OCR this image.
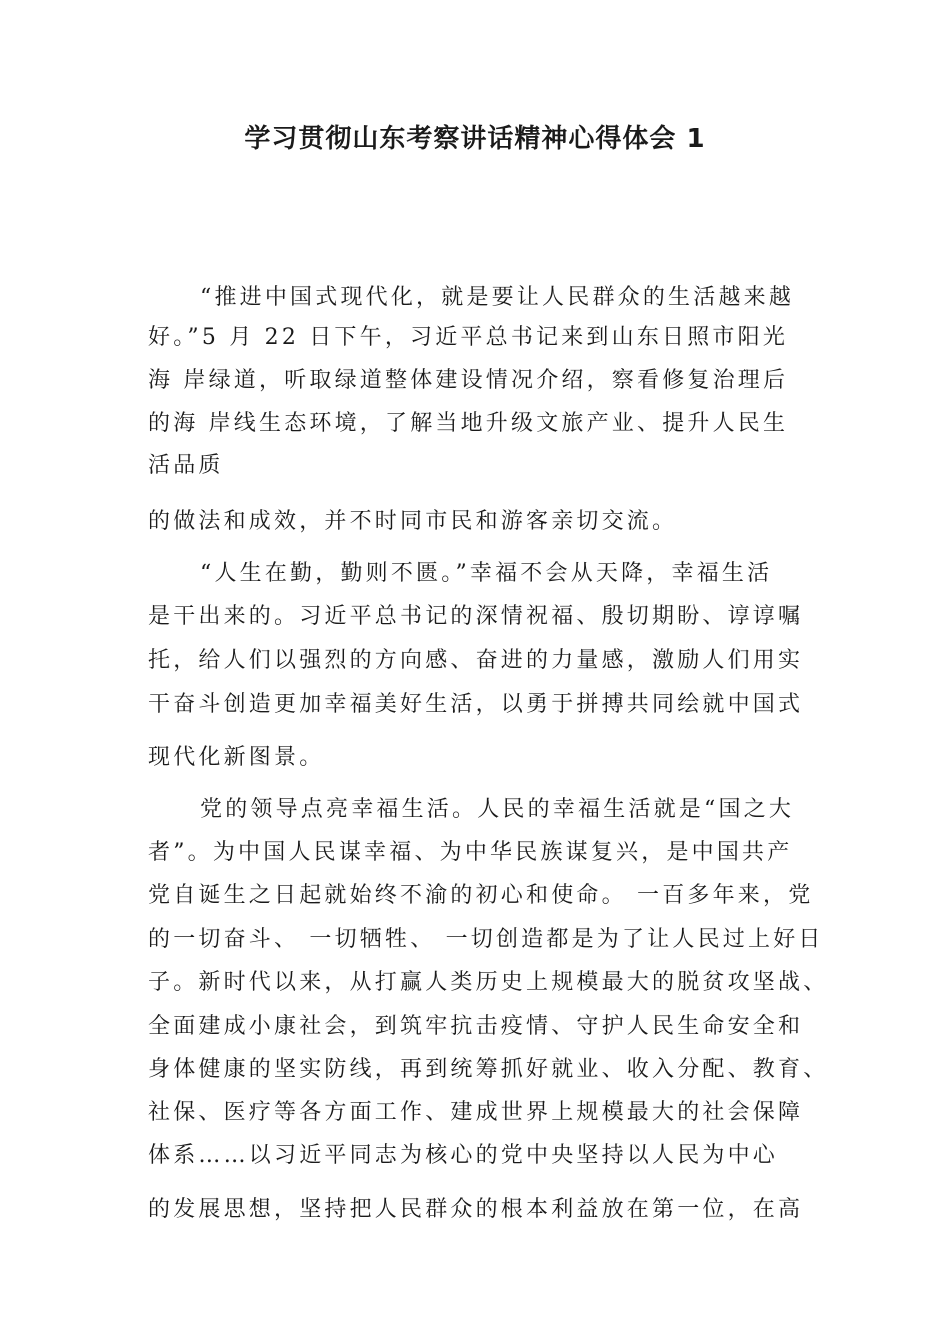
学习贯彻山东考察讲话精神心得体会 1

“推进中国式现代化，就是要让人民群众的生活越来越

好。”5 月 22 日下午，习近平总书记来到山东日照市阳光

海 岸绿道，听取绿道整体建设情况介绍，察看修复治理后

的海 岸线生态环境，了解当地升级文旅产业、提升人民生

活品质

的做法和成效，并不时同市民和游客亲切交流。

“人生在勤，勤则不匮。”幸福不会从天降，幸福生活

是干出来的。习近平总书记的深情祝福、殷切期盼、谆谆嘱

托，给人们以强烈的方向感、奋进的力量感，激励人们用实

干奋斗创造更加幸福美好生活，以勇于拼搏共同绘就中国式

现代化新图景。

党的领导点亮幸福生活。人民的幸福生活就是“国之大

者”。为中国人民谋幸福、为中华民族谋复兴，是中国共产

党自诞生之日起就始终不渝的初心和使命。 一百多年来，党

的一切奋斗、 一切牺牲、 一切创造都是为了让人民过上好日

子。新时代以来，从打赢人类历史上规模最大的脱贫攻坚战、

全面建成小康社会，到筑牢抗击疫情、守护人民生命安全和

身体健康的坚实防线，再到统筹抓好就业、收入分配、教育、

社保、医疗等各方面工作、建成世界上规模最大的社会保障

体系……以习近平同志为核心的党中央坚持以人民为中心

的发展思想，坚持把人民群众的根本利益放在第一位，在高
